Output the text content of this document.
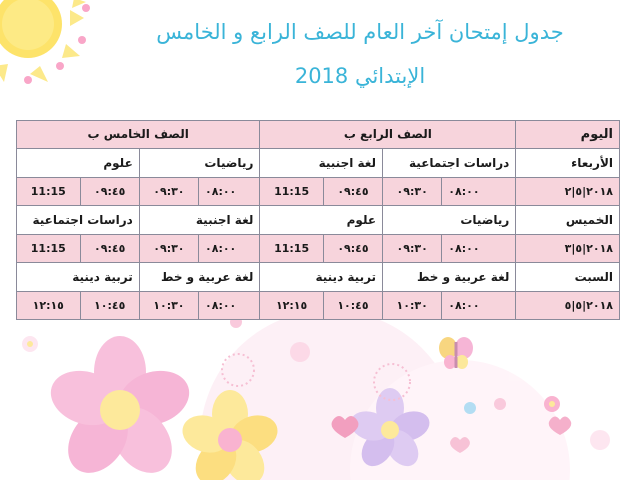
جدول إمتحان آخر العام للصف الرابع و الخامس
الإبتدائي 2018
اليوم	الصف الرابع ب				الصف الخامس ب			
الأربعاء	دراسات اجتماعية		لغة اجنبية		رياضيات		علوم	
٢٠١٨|٥|٢	٠٨:٠٠	٠٩:٣٠	٠٩:٤٥	11:15	٠٨:٠٠	٠٩:٣٠	٠٩:٤٥	11:15
الخميس	رياضيات		علوم		لغة اجنبية		دراسات اجتماعية	
٢٠١٨|٥|٣	٠٨:٠٠	٠٩:٣٠	٠٩:٤٥	11:15	٠٨:٠٠	٠٩:٣٠	٠٩:٤٥	11:15
السبت	لغة عربية و خط		تربية دينية		لغة عربية و خط		تربية دينية	
٢٠١٨|٥|٥	٠٨:٠٠	١٠:٣٠	١٠:٤٥	١٢:١٥	٠٨:٠٠	١٠:٣٠	١٠:٤٥	١٢:١٥
